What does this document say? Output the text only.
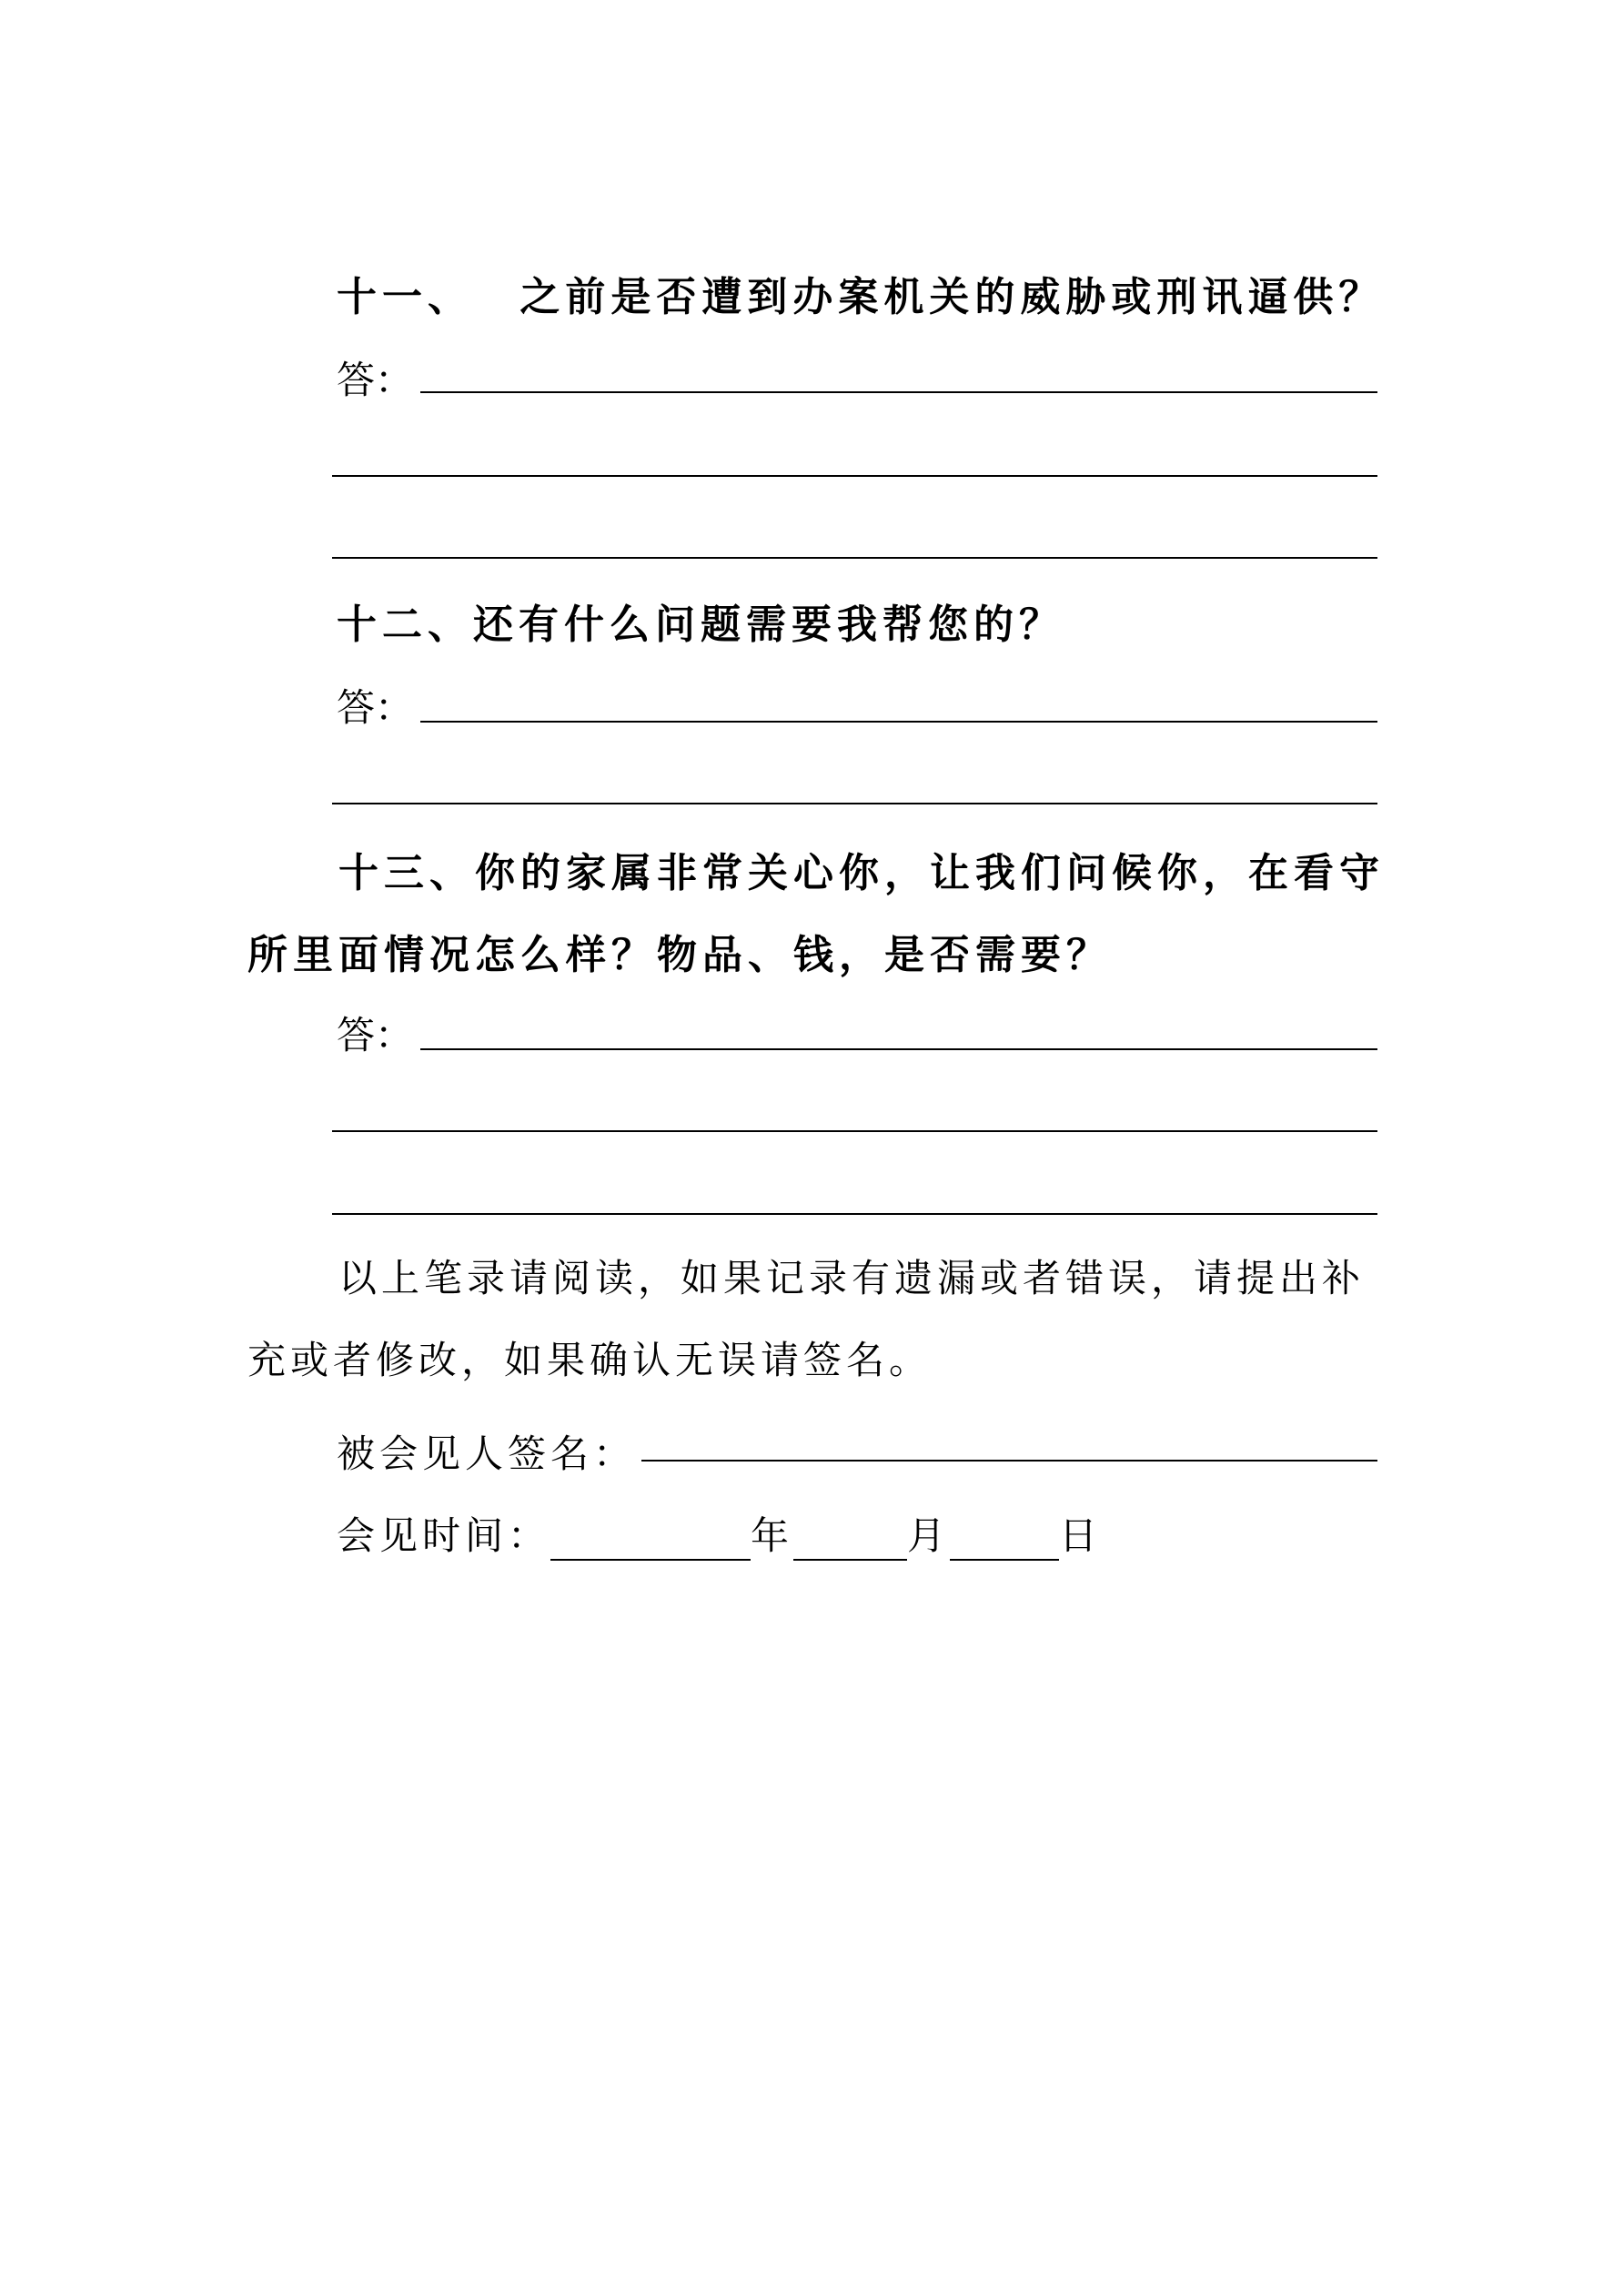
十一、 之前是否遭到办案机关的威胁或刑讯逼供？
答：
十二、还有什么问题需要我帮您的？
答：
十三、你的家属非常关心你，让我们问候你，在看守所里面情况怎么样？物品、钱，是否需要？
答：
以上笔录请阅读，如果记录有遗漏或者错误，请提出补充或者修改，如果确认无误请签名。
被会见人签名：
会见时间：	年	月	日
